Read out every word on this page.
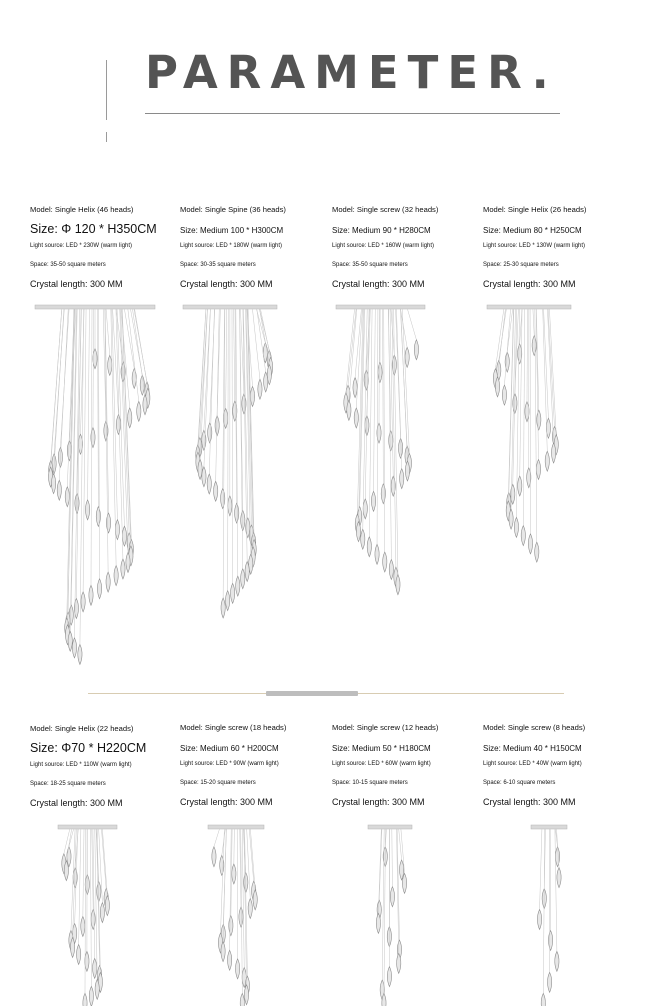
PARAMETER.
Model: Single Helix (46 heads)
Size: Φ 120 * H350CM
Light source: LED * 230W (warm light)
Space: 35-50 square meters
Crystal length: 300 MM
Model: Single Spine (36 heads)
Size: Medium 100 * H300CM
Light source: LED * 180W (warm light)
Space: 30-35 square meters
Crystal length: 300 MM
Model: Single screw (32 heads)
Size: Medium 90 * H280CM
Light source: LED * 160W (warm light)
Space: 35-50 square meters
Crystal length: 300 MM
Model: Single Helix (26 heads)
Size: Medium 80 * H250CM
Light source: LED * 130W (warm light)
Space: 25-30 square meters
Crystal length: 300 MM
Model: Single Helix (22 heads)
Size: Φ70 * H220CM
Light source: LED * 110W (warm light)
Space: 18-25 square meters
Crystal length: 300 MM
Model: Single screw (18 heads)
Size: Medium 60 * H200CM
Light source: LED * 90W (warm light)
Space: 15-20 square meters
Crystal length: 300 MM
Model: Single screw (12 heads)
Size: Medium 50 * H180CM
Light source: LED * 60W (warm light)
Space: 10-15 square meters
Crystal length: 300 MM
Model: Single screw (8 heads)
Size: Medium 40 * H150CM
Light source: LED * 40W (warm light)
Space: 6-10 square meters
Crystal length: 300 MM
